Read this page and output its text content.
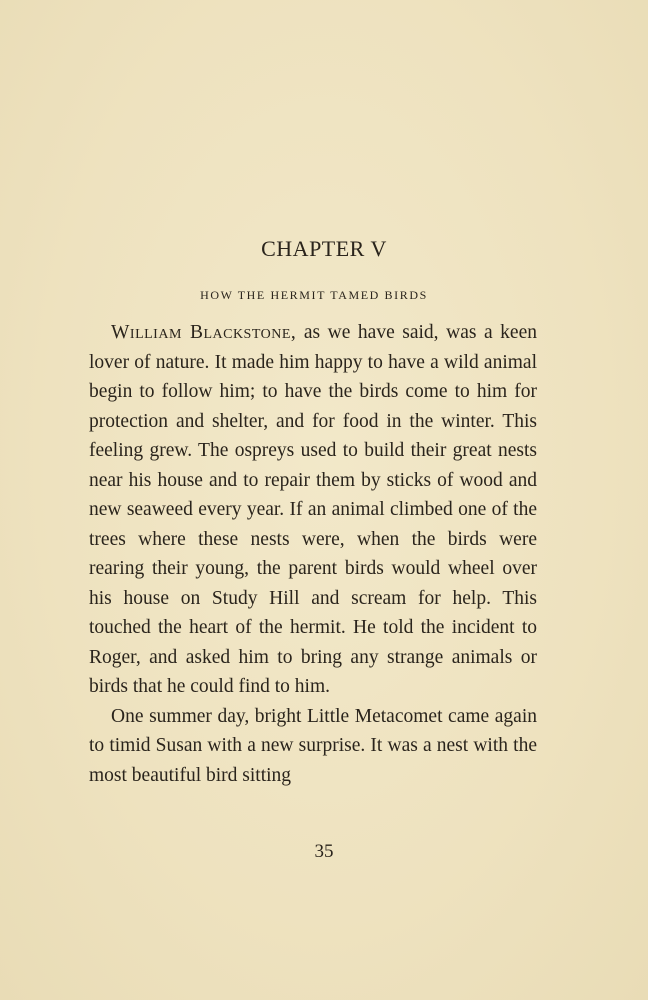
CHAPTER V
HOW THE HERMIT TAMED BIRDS

William Blackstone, as we have said, was a keen lover of nature. It made him happy to have a wild animal begin to follow him; to have the birds come to him for protection and shelter, and for food in the winter. This feeling grew. The ospreys used to build their great nests near his house and to repair them by sticks of wood and new seaweed every year. If an animal climbed one of the trees where these nests were, when the birds were rearing their young, the parent birds would wheel over his house on Study Hill and scream for help. This touched the heart of the hermit. He told the incident to Roger, and asked him to bring any strange animals or birds that he could find to him.

One summer day, bright Little Metacomet came again to timid Susan with a new surprise. It was a nest with the most beautiful bird sitting

35
